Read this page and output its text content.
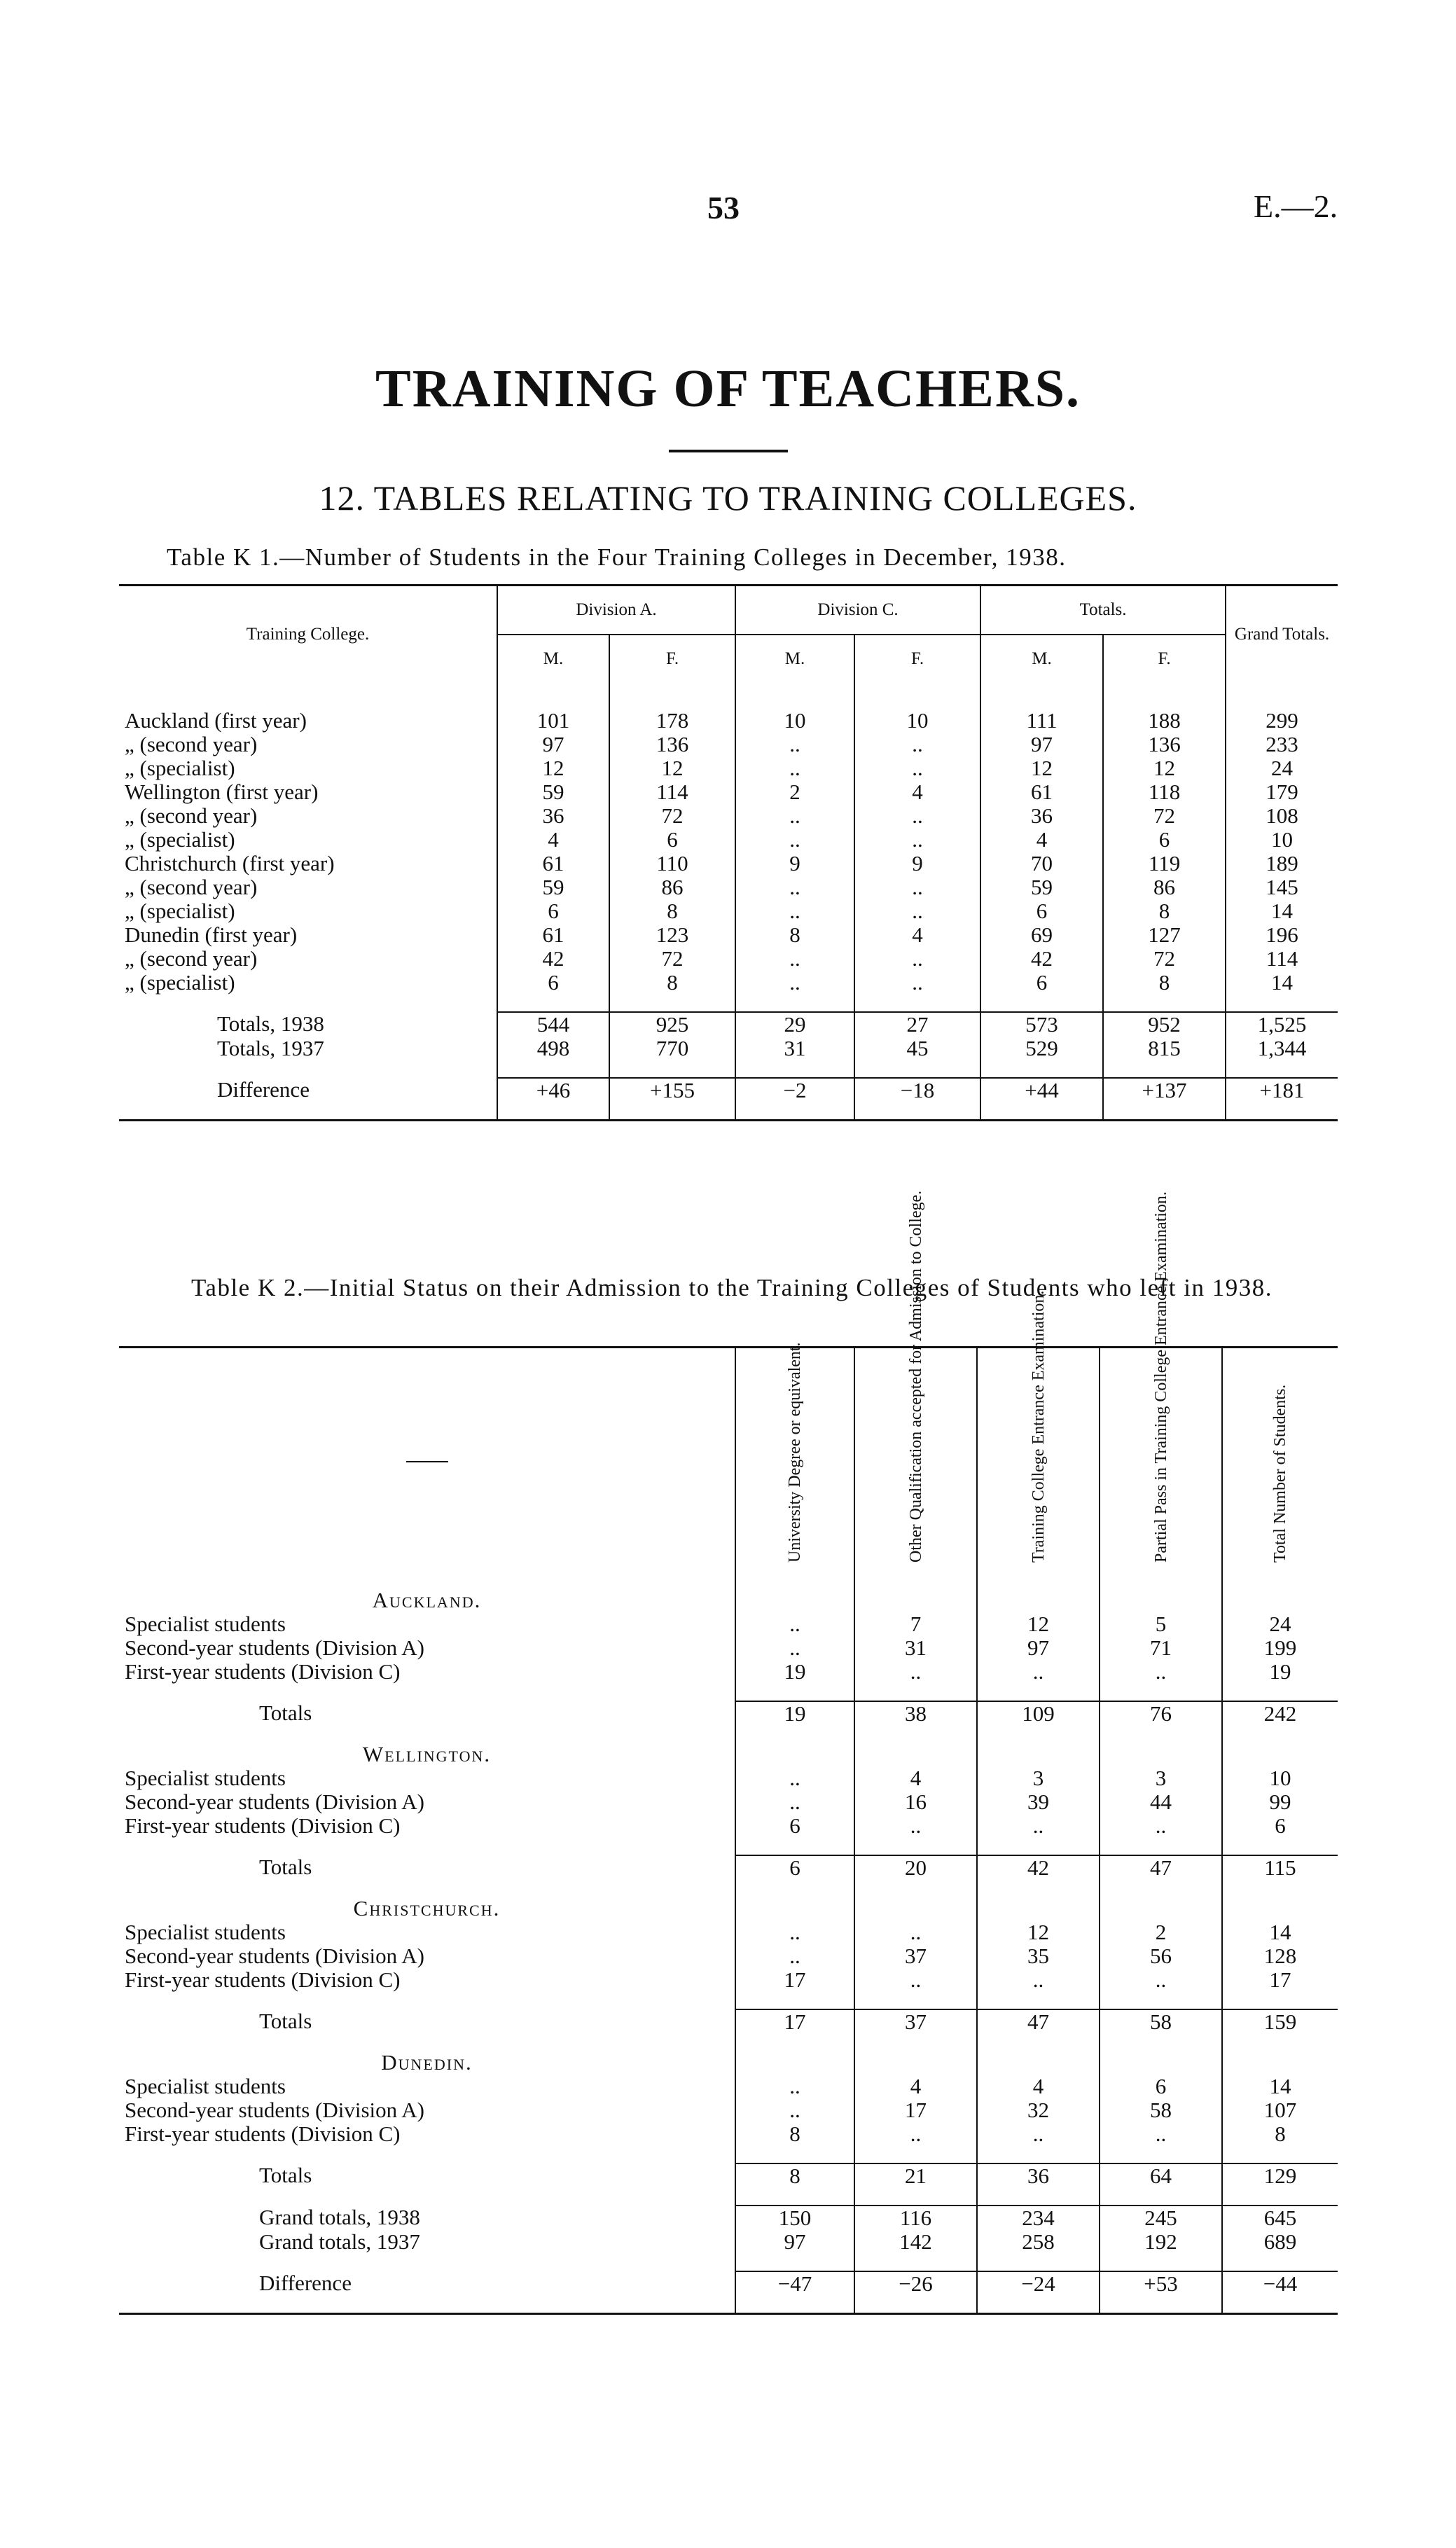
53	E.—2.
TRAINING OF TEACHERS.
12. TABLES RELATING TO TRAINING COLLEGES.
Table K 1.—Number of Students in the Four Training Colleges in December, 1938.
Training College.	Division A.		Division C.		Totals.		Grand Totals.
	M.	F.	M.	F.	M.	F.	
Auckland (first year)	101	178	10	10	111	188	299
„ (second year)	97	136	..	..	97	136	233
„ (specialist)	12	12	..	..	12	12	24
Wellington (first year)	59	114	2	4	61	118	179
„ (second year)	36	72	..	..	36	72	108
„ (specialist)	4	6	..	..	4	6	10
Christchurch (first year)	61	110	9	9	70	119	189
„ (second year)	59	86	..	..	59	86	145
„ (specialist)	6	8	..	..	6	8	14
Dunedin (first year)	61	123	8	4	69	127	196
„ (second year)	42	72	..	..	42	72	114
„ (specialist)	6	8	..	..	6	8	14

Totals, 1938	544	925	29	27	573	952	1,525
Totals, 1937	498	770	31	45	529	815	1,344

Difference	+46	+155	−2	−18	+44	+137	+181

Table K 2.—Initial Status on their Admission to the Training Colleges of Students who left in 1938.
	University Degree or equivalent.	Other Qualification accepted for Admission to College.	Training College Entrance Examination.	Partial Pass in Training College Entrance Examination.	Total Number of Students.

Auckland.					
Specialist students	..	7	12	5	24
Second-year students (Division A)	..	31	97	71	199
First-year students (Division C)	19	..	..	..	19

Totals	19	38	109	76	242

Wellington.					
Specialist students	..	4	3	3	10
Second-year students (Division A)	..	16	39	44	99
First-year students (Division C)	6	..	..	..	6

Totals	6	20	42	47	115

Christchurch.					
Specialist students	..	..	12	2	14
Second-year students (Division A)	..	37	35	56	128
First-year students (Division C)	17	..	..	..	17

Totals	17	37	47	58	159

Dunedin.					
Specialist students	..	4	4	6	14
Second-year students (Division A)	..	17	32	58	107
First-year students (Division C)	8	..	..	..	8

Totals	8	21	36	64	129

Grand totals, 1938	150	116	234	245	645
Grand totals, 1937	97	142	258	192	689

Difference	−47	−26	−24	+53	−44
